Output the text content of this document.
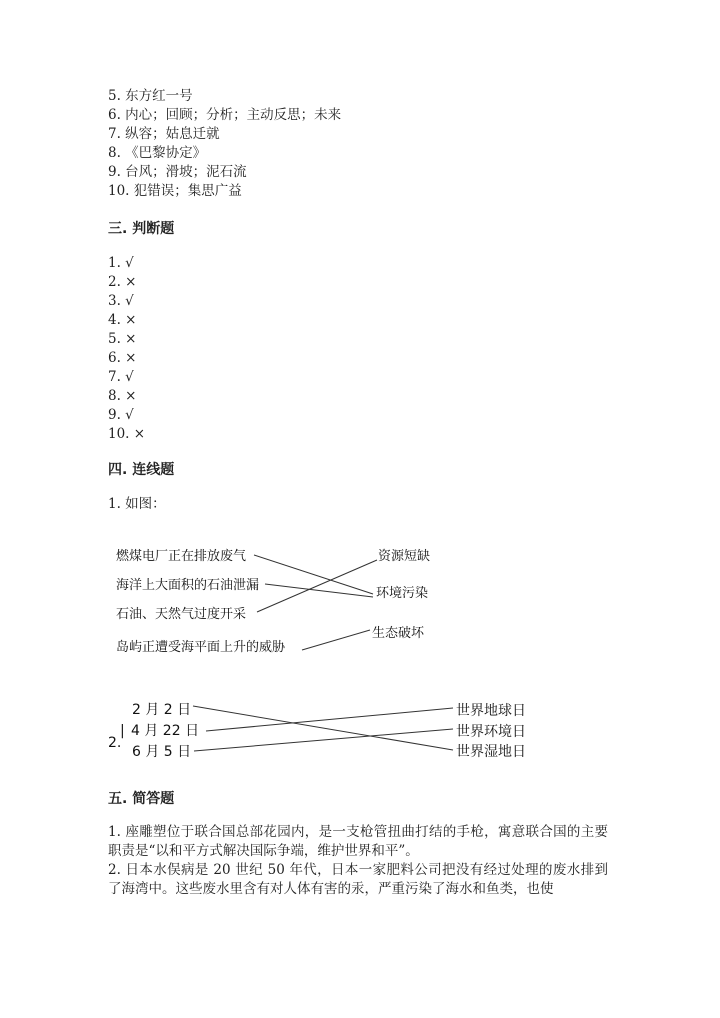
5. 东方红一号
6. 内心；回顾；分析；主动反思；未来
7. 纵容；姑息迁就
8. 《巴黎协定》
9. 台风；滑坡；泥石流
10. 犯错误；集思广益
三. 判断题
1. √
2. ×
3. √
4. ×
5. ×
6. ×
7. √
8. ×
9. √
10. ×
四. 连线题
1. 如图：
燃煤电厂正在排放废气
海洋上大面积的石油泄漏
石油、天然气过度开采
岛屿正遭受海平面上升的威胁
资源短缺
环境污染
生态破坏
2 月 2 日
|
2.
4 月 22 日
6 月 5 日
世界地球日
世界环境日
世界湿地日
五. 简答题
1. 座雕塑位于联合国总部花园内，是一支枪管扭曲打结的手枪，寓意联合国的主要职责是“以和平方式解决国际争端，维护世界和平”。
2. 日本水俣病是 20 世纪 50 年代，日本一家肥料公司把没有经过处理的废水排到了海湾中。这些废水里含有对人体有害的汞，严重污染了海水和鱼类，也使
